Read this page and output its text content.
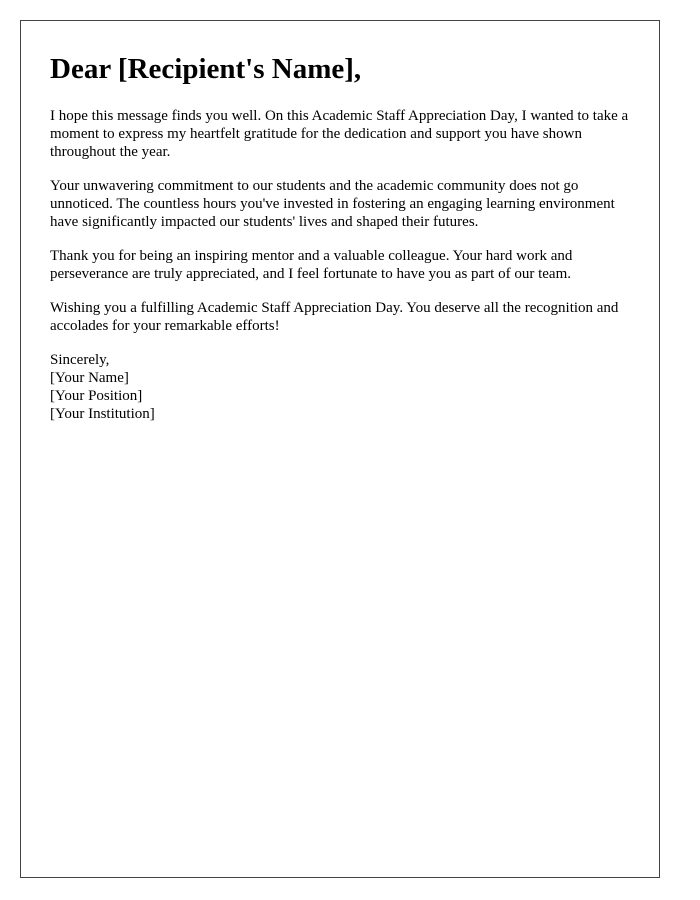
Dear [Recipient's Name],

I hope this message finds you well. On this Academic Staff Appreciation Day, I wanted to take a moment to express my heartfelt gratitude for the dedication and support you have shown throughout the year.

Your unwavering commitment to our students and the academic community does not go unnoticed. The countless hours you've invested in fostering an engaging learning environment have significantly impacted our students' lives and shaped their futures.

Thank you for being an inspiring mentor and a valuable colleague. Your hard work and perseverance are truly appreciated, and I feel fortunate to have you as part of our team.

Wishing you a fulfilling Academic Staff Appreciation Day. You deserve all the recognition and accolades for your remarkable efforts!

Sincerely,
[Your Name]
[Your Position]
[Your Institution]
